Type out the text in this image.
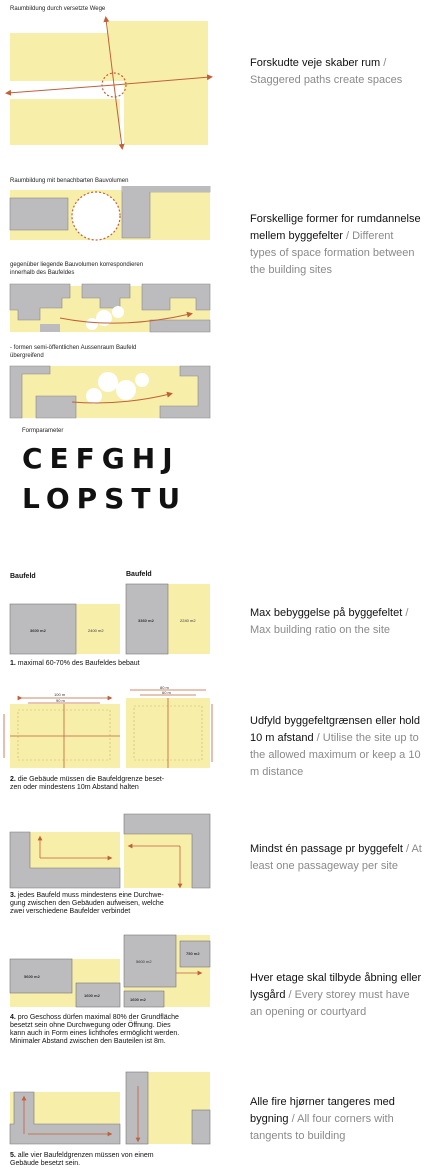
Raumbildung durch versetzte Wege
Raumbildung mit benachbarten Bauvolumen
gegenüber liegende Bauvolumen korrespondieren
innerhalb des Baufeldes
- formen semi-öffentlichen Aussenraum Baufeld
übergreifend
Formparameter
CEFGHJ
LOPSTU
Baufeld	Baufeld
3600 m2	2400 m2
3360 m2	2240 m2
1. maximal 60-70% des Baufeldes bebaut
100 m
90 m
80 m
60 m
2. die Gebäude müssen die Baufeldgrenze beset-
zen oder mindestens 10m Abstand halten
3. jedes Baufeld muss mindestens eine Durchwe-
gung zwischen den Gebäuden aufweisen, welche
zwei verschiedene Baufelder verbindet
5600 m2
1600 m2
5600 m2
750 m2
1600 m2
4. pro Geschoss dürfen maximal 80% der Grundfläche
besetzt sein ohne Durchwegung oder Öffnung. Dies
kann auch in Form eines lichthofes ermöglicht werden.
Minimaler Abstand zwischen den Bauteilen ist 8m.
5. alle vier Baufeldgrenzen müssen von einem
Gebäude besetzt sein.
Forskudte veje skaber rum / Staggered paths create spaces
Forskellige former for rumdannelse mellem byggefelter / Different types of space formation between the building sites
Max bebyggelse på byggefeltet / Max building ratio on the site
Udfyld byggefeltgrænsen eller hold 10 m afstand / Utilise the site up to the allowed maximum or keep a 10 m distance
Mindst én passage pr byggefelt / At least one passageway per site
Hver etage skal tilbyde åbning eller lysgård / Every storey must have an opening or courtyard
Alle fire hjørner tangeres med bygning / All four corners with tangents to building
